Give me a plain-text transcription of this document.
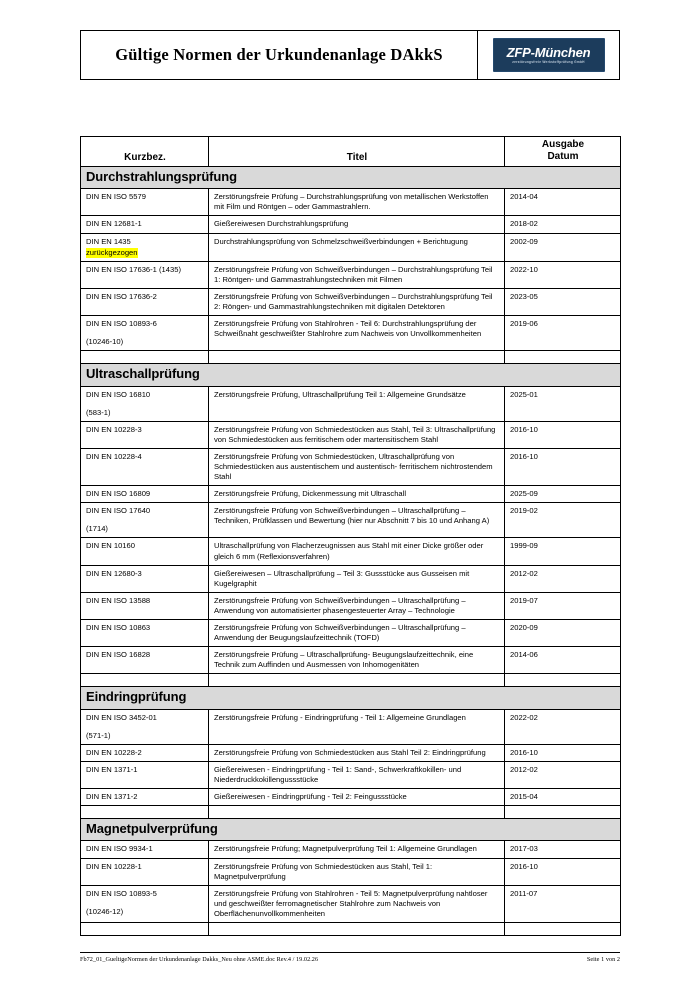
Gültige Normen der Urkundenanlage DAkkS	ZFP-München
zerstörungsfreie Werkstoffprüfung GmbH
Kurzbez.	Titel	Ausgabe
Datum

Durchstrahlungsprüfung		
DIN EN ISO 5579	Zerstörungsfreie Prüfung – Durchstrahlungsprüfung von metallischen Werkstoffen mit Film und Röntgen – oder Gammastrahlern.	2014-04
DIN EN 12681-1	Gießereiwesen Durchstrahlungsprüfung	2018-02
DIN EN 1435
zurückgezogen	Durchstrahlungsprüfung von Schmelzschweißverbindungen + Berichtugung	2002-09
DIN EN ISO 17636-1 (1435)	Zerstörungsfreie Prüfung von Schweißverbindungen – Durchstrahlungsprüfung Teil 1: Röntgen- und Gammastrahlungstechniken mit Filmen	2022-10
DIN EN ISO 17636-2	Zerstörungsfreie Prüfung von Schweißverbindungen – Durchstrahlungsprüfung Teil 2: Röngen- und Gammastrahlungstechniken mit digitalen Detektoren	2023-05
DIN EN ISO 10893-6
(10246-10)	Zerstörungsfreie Prüfung von Stahlrohren - Teil 6: Durchstrahlungsprüfung der Schweißnaht geschweißter Stahlrohre zum Nachweis von Unvollkommenheiten	2019-06

Ultraschallprüfung		
DIN EN ISO 16810
(583-1)	Zerstörungsfreie Prüfung, Ultraschallprüfung Teil 1: Allgemeine Grundsätze	2025-01
DIN EN 10228-3	Zerstörungsfreie Prüfung von Schmiedestücken aus Stahl, Teil 3: Ultraschallprüfung von Schmiedestücken aus ferritischem oder martensitischem Stahl	2016-10
DIN EN 10228-4	Zerstörungsfreie Prüfung von Schmiedestücken, Ultraschallprüfung von Schmiedestücken aus austentischem und austentisch- ferritischem nichtrostendem Stahl	2016-10
DIN EN ISO 16809	Zerstörungsfreie Prüfung, Dickenmessung mit Ultraschall	2025-09
DIN EN ISO 17640
(1714)	Zerstörungsfreie Prüfung von Schweißverbindungen – Ultraschallprüfung – Techniken, Prüfklassen und Bewertung (hier nur Abschnitt 7 bis 10 und Anhang A)	2019-02
DIN EN 10160	Ultraschallprüfung von Flacherzeugnissen aus Stahl mit einer Dicke größer oder gleich 6 mm (Reflexionsverfahren)	1999-09
DIN EN 12680-3	Gießereiwesen – Ultraschallprüfung – Teil 3: Gussstücke aus Gusseisen mit Kugelgraphit	2012-02
DIN EN ISO 13588	Zerstörungsfreie Prüfung von Schweißverbindungen – Ultraschallprüfung – Anwendung von automatisierter phasengesteuerter Array – Technologie	2019-07
DIN EN ISO 10863	Zerstörungsfreie Prüfung von Schweißverbindungen – Ultraschallprüfung – Anwendung der Beugungslaufzeittechnik (TOFD)	2020-09
DIN EN ISO 16828	Zerstörungsfreie Prüfung – Ultraschallprüfung- Beugungslaufzeittechnik, eine Technik zum Auffinden und Ausmessen von Inhomogenitäten	2014-06

Eindringprüfung		
DIN EN ISO 3452-01
(571-1)	Zerstörungsfreie Prüfung - Eindringprüfung - Teil 1: Allgemeine Grundlagen	2022-02
DIN EN 10228-2	Zerstörungsfreie Prüfung von Schmiedestücken aus Stahl Teil 2: Eindringprüfung	2016-10
DIN EN 1371-1	Gießereiwesen - Eindringprüfung - Teil 1: Sand-, Schwerkraftkokillen- und Niederdruckkokillengussstücke	2012-02
DIN EN 1371-2	Gießereiwesen - Eindringprüfung - Teil 2: Feingussstücke	2015-04

Magnetpulverprüfung		
DIN EN ISO 9934-1	Zerstörungsfreie Prüfung; Magnetpulverprüfung Teil 1: Allgemeine Grundlagen	2017-03
DIN EN 10228-1	Zerstörungsfreie Prüfung von Schmiedestücken aus Stahl, Teil 1: Magnetpulverprüfung	2016-10
DIN EN ISO 10893-5
(10246-12)	Zerstörungsfreie Prüfung von Stahlrohren - Teil 5: Magnetpulverprüfung nahtloser und geschweißter ferromagnetischer Stahlrohre zum Nachweis von Oberflächenunvollkommenheiten	2011-07

Fb72_01_GueltigeNormen der Urkundenanlage Dakks_Neu ohne ASME.doc Rev.4 / 19.02.26	Seite 1 von 2
